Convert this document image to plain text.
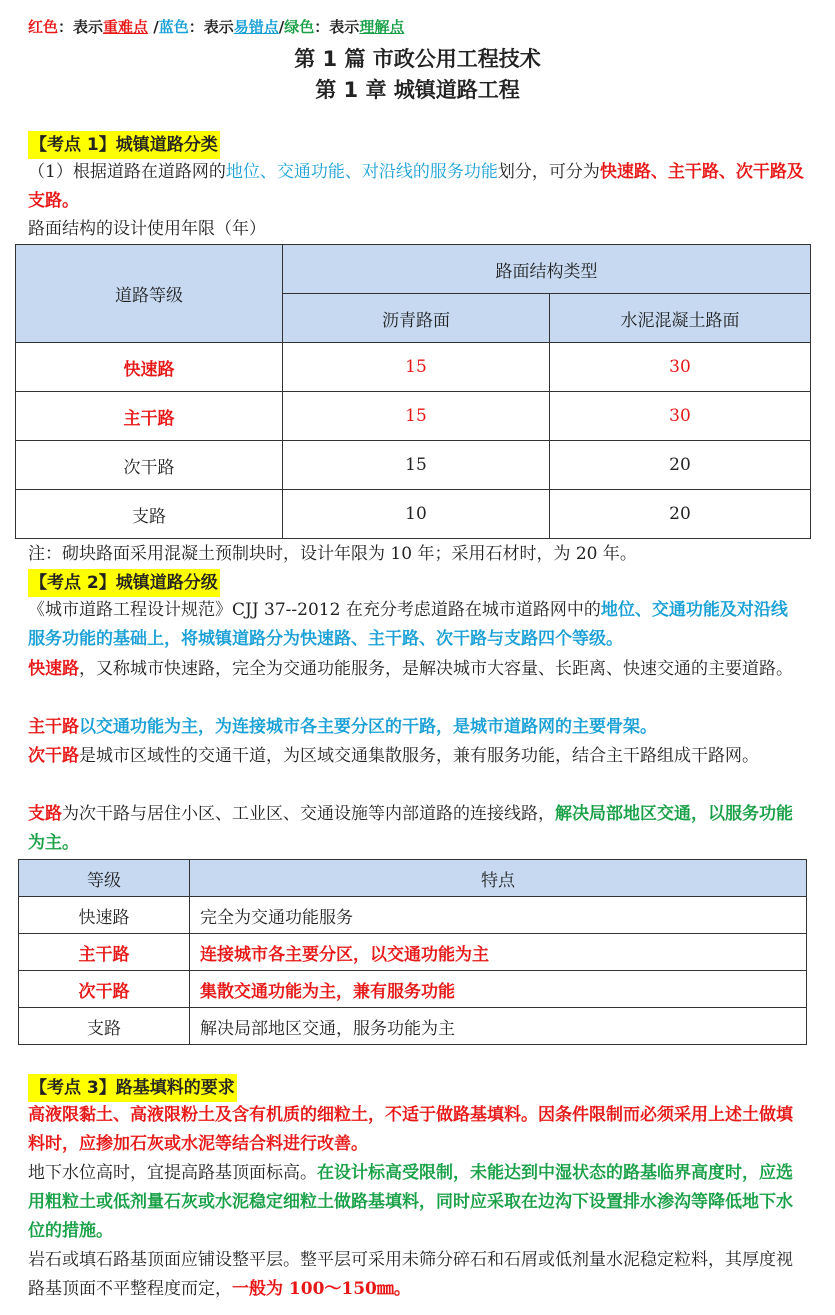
红色：表示重难点 /蓝色：表示易错点/绿色：表示理解点
第 1 篇 市政公用工程技术
第 1 章 城镇道路工程
【考点 1】城镇道路分类
（1）根据道路在道路网的地位、交通功能、对沿线的服务功能划分，可分为快速路、主干路、次干路及支路。
路面结构的设计使用年限（年）
道路等级	路面结构类型	
	沥青路面	水泥混凝土路面
快速路	15	30
主干路	15	30
次干路	15	20
支路	10	20
注：砌块路面采用混凝土预制块时，设计年限为 10 年；采用石材时，为 20 年。
【考点 2】城镇道路分级
《城市道路工程设计规范》CJJ 37--2012 在充分考虑道路在城市道路网中的地位、交通功能及对沿线服务功能的基础上，将城镇道路分为快速路、主干路、次干路与支路四个等级。
快速路，又称城市快速路，完全为交通功能服务，是解决城市大容量、长距离、快速交通的主要道路。
主干路以交通功能为主，为连接城市各主要分区的干路，是城市道路网的主要骨架。
次干路是城市区域性的交通干道，为区域交通集散服务，兼有服务功能，结合主干路组成干路网。
支路为次干路与居住小区、工业区、交通设施等内部道路的连接线路，解决局部地区交通，以服务功能为主。
等级	特点
快速路	完全为交通功能服务
主干路	连接城市各主要分区，以交通功能为主
次干路	集散交通功能为主，兼有服务功能
支路	解决局部地区交通，服务功能为主
【考点 3】路基填料的要求
高液限黏土、高液限粉土及含有机质的细粒土，不适于做路基填料。因条件限制而必须采用上述土做填料时，应掺加石灰或水泥等结合料进行改善。
地下水位高时，宜提高路基顶面标高。在设计标高受限制，未能达到中湿状态的路基临界高度时，应选用粗粒土或低剂量石灰或水泥稳定细粒土做路基填料，同时应采取在边沟下设置排水渗沟等降低地下水位的措施。
岩石或填石路基顶面应铺设整平层。整平层可采用未筛分碎石和石屑或低剂量水泥稳定粒料，其厚度视路基顶面不平整程度而定，一般为 100～150㎜。
